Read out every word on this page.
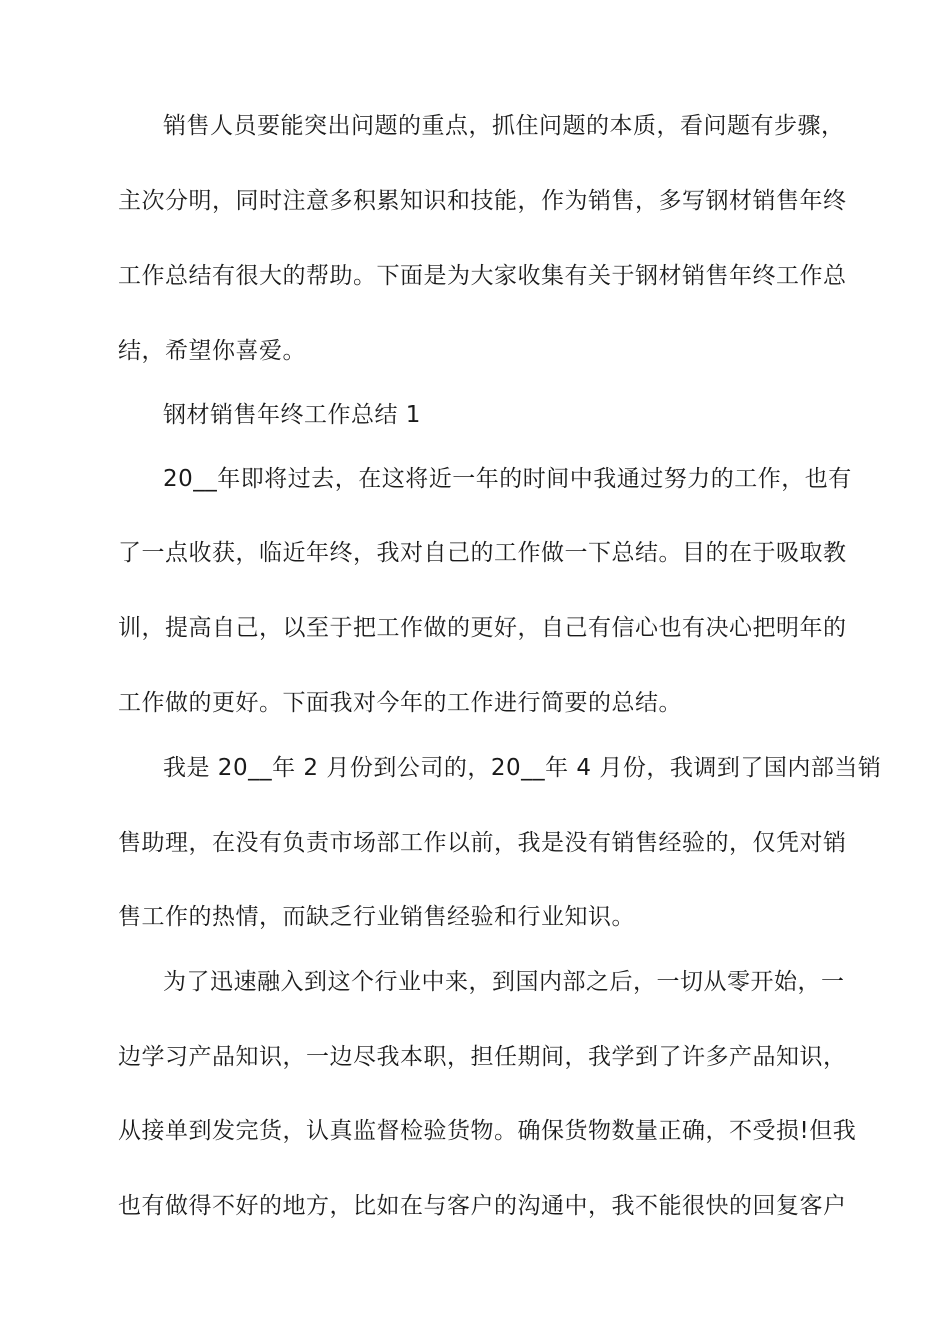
销售人员要能突出问题的重点，抓住问题的本质，看问题有步骤，
主次分明，同时注意多积累知识和技能，作为销售，多写钢材销售年终
工作总结有很大的帮助。下面是为大家收集有关于钢材销售年终工作总
结，希望你喜爱。
钢材销售年终工作总结 1
20__年即将过去，在这将近一年的时间中我通过努力的工作，也有
了一点收获，临近年终，我对自己的工作做一下总结。目的在于吸取教
训，提高自己，以至于把工作做的更好，自己有信心也有决心把明年的
工作做的更好。下面我对今年的工作进行简要的总结。
我是 20__年 2 月份到公司的，20__年 4 月份，我调到了国内部当销
售助理，在没有负责市场部工作以前，我是没有销售经验的，仅凭对销
售工作的热情，而缺乏行业销售经验和行业知识。
为了迅速融入到这个行业中来，到国内部之后，一切从零开始，一
边学习产品知识，一边尽我本职，担任期间，我学到了许多产品知识，
从接单到发完货，认真监督检验货物。确保货物数量正确，不受损!但我
也有做得不好的地方，比如在与客户的沟通中，我不能很快的回复客户
